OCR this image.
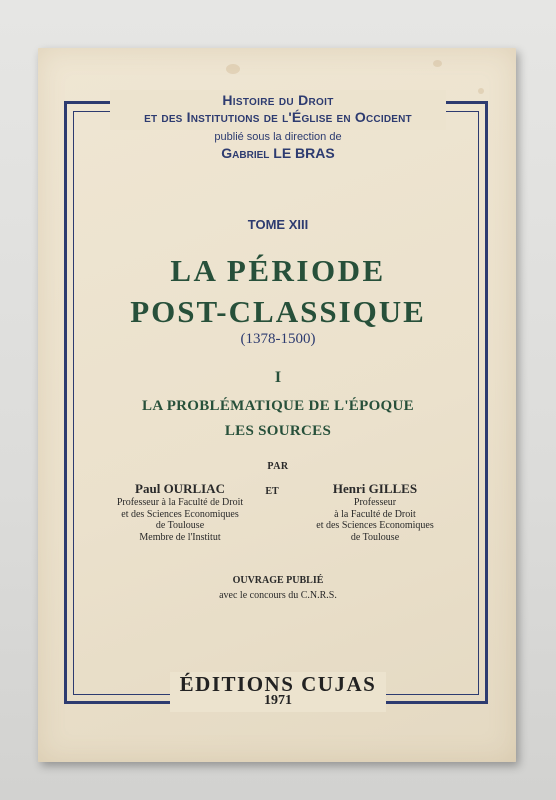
Histoire du Droit

et des Institutions de l'Église en Occident

publié sous la direction de

Gabriel LE BRAS

TOME XIII

LA PÉRIODE

POST-CLASSIQUE

(1378-1500)

I

LA PROBLÉMATIQUE DE L'ÉPOQUE

LES SOURCES

PAR

Paul OURLIAC
Professeur à la Faculté de Droit
et des Sciences Economiques
de Toulouse
Membre de l'Institut

ET	Henri GILLES
Professeur
à la Faculté de Droit
et des Sciences Economiques
de Toulouse

OUVRAGE PUBLIÉ

avec le concours du C.N.R.S.

ÉDITIONS CUJAS

1971
